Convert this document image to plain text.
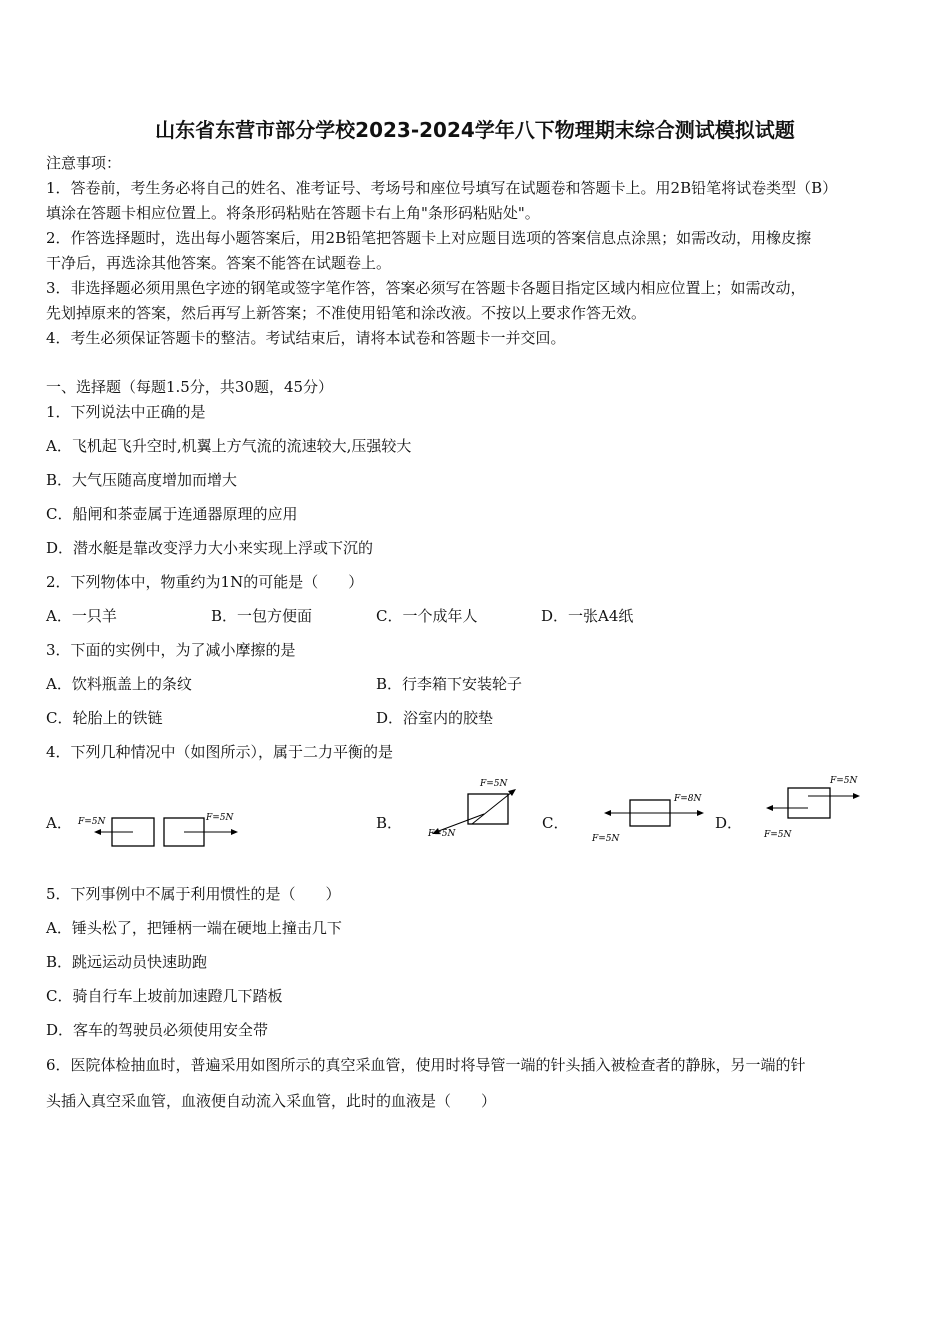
山东省东营市部分学校2023-2024学年八下物理期末综合测试模拟试题
注意事项：
1．答卷前，考生务必将自己的姓名、准考证号、考场号和座位号填写在试题卷和答题卡上。用2B铅笔将试卷类型（B）
填涂在答题卡相应位置上。将条形码粘贴在答题卡右上角"条形码粘贴处"。
2．作答选择题时，选出每小题答案后，用2B铅笔把答题卡上对应题目选项的答案信息点涂黑；如需改动，用橡皮擦
干净后，再选涂其他答案。答案不能答在试题卷上。
3．非选择题必须用黑色字迹的钢笔或签字笔作答，答案必须写在答题卡各题目指定区域内相应位置上；如需改动，
先划掉原来的答案，然后再写上新答案；不准使用铅笔和涂改液。不按以上要求作答无效。
4．考生必须保证答题卡的整洁。考试结束后，请将本试卷和答题卡一并交回。
一、选择题（每题1.5分，共30题，45分）
1．下列说法中正确的是
A．飞机起飞升空时,机翼上方气流的流速较大,压强较大
B．大气压随高度增加而增大
C．船闸和茶壶属于连通器原理的应用
D．潜水艇是靠改变浮力大小来实现上浮或下沉的
2．下列物体中，物重约为1N的可能是（　　）
A．一只羊	B．一包方便面	C．一个成年人	D．一张A4纸
3．下面的实例中，为了减小摩擦的是
A．饮料瓶盖上的条纹	B．行李箱下安装轮子
C．轮胎上的铁链	D．浴室内的胶垫
4．下列几种情况中（如图所示），属于二力平衡的是
A．	B．	C．	D．
F=5N	F=5N
F=5N
F=5N
F=8N
F=5N
F=5N
F=5N
5．下列事例中不属于利用惯性的是（　　）
A．锤头松了，把锤柄一端在硬地上撞击几下
B．跳远运动员快速助跑
C．骑自行车上坡前加速蹬几下踏板
D．客车的驾驶员必须使用安全带
6．医院体检抽血时，普遍采用如图所示的真空采血管，使用时将导管一端的针头插入被检查者的静脉，另一端的针
头插入真空采血管，血液便自动流入采血管，此时的血液是（　　）
